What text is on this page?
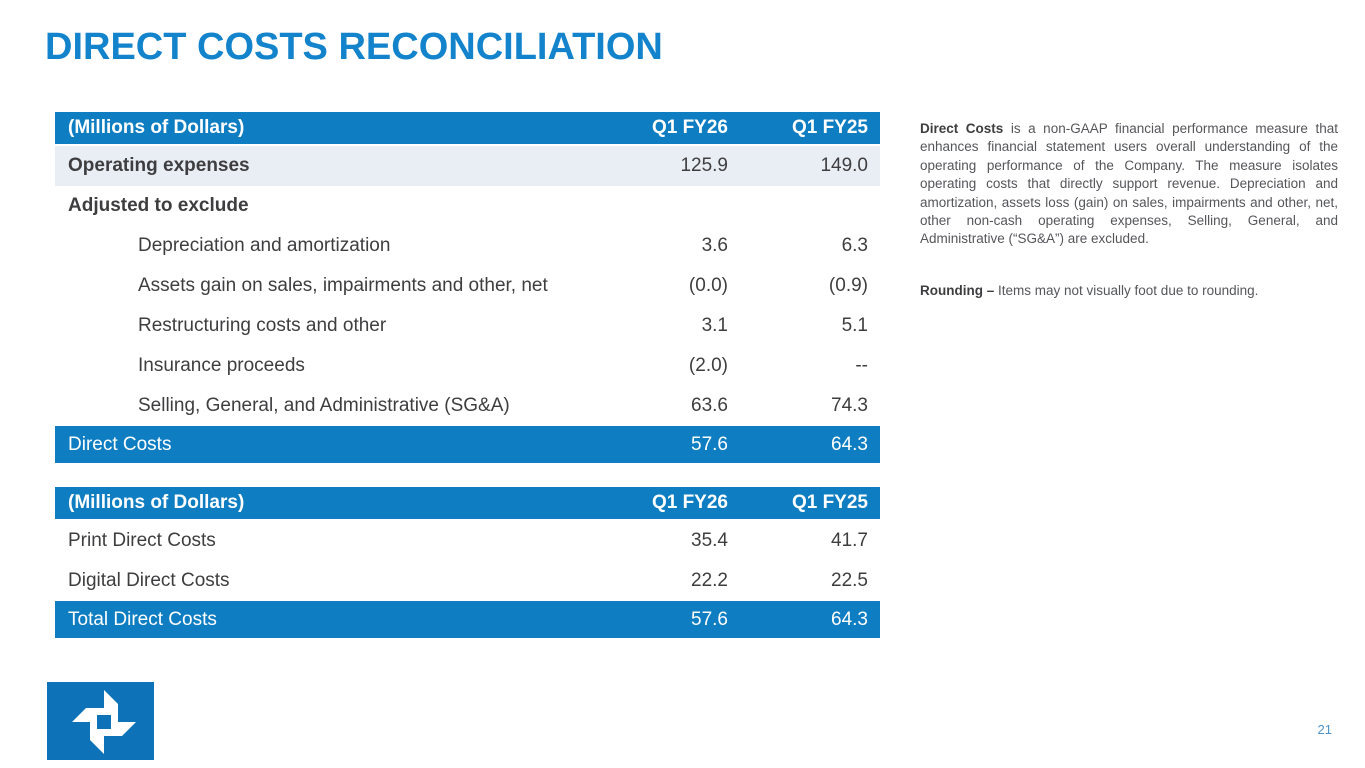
DIRECT COSTS RECONCILIATION
(Millions of Dollars)	Q1 FY26	Q1 FY25
Operating expenses	125.9	149.0
Adjusted to exclude
Depreciation and amortization	3.6	6.3
Assets gain on sales, impairments and other, net	(0.0)	(0.9)
Restructuring costs and other	3.1	5.1
Insurance proceeds	(2.0)	--
Selling, General, and Administrative (SG&A)	63.6	74.3
Direct Costs	57.6	64.3
(Millions of Dollars)	Q1 FY26	Q1 FY25
Print Direct Costs	35.4	41.7
Digital Direct Costs	22.2	22.5
Total Direct Costs	57.6	64.3

Direct Costs is a non-GAAP financial performance measure that enhances financial statement users overall understanding of the operating performance of the Company. The measure isolates operating costs that directly support revenue. Depreciation and amortization, assets loss (gain) on sales, impairments and other, net, other non-cash operating expenses, Selling, General, and Administrative (“SG&A”) are excluded.

Rounding – Items may not visually foot due to rounding.

21
